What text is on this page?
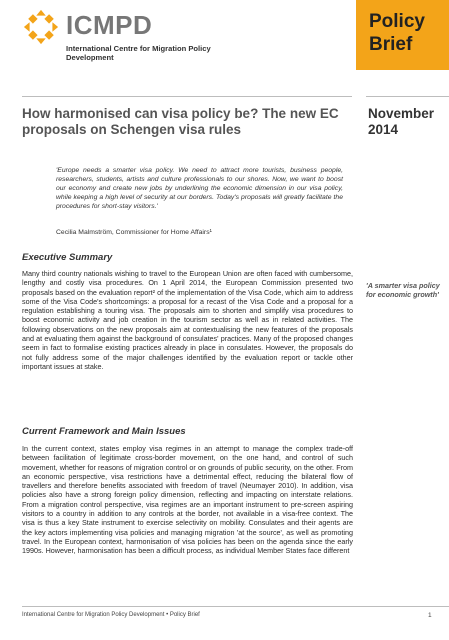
ICMPD
International Centre for Migration Policy Development
Policy Brief
How harmonised can visa policy be? The new EC proposals on Schengen visa rules
November 2014
'Europe needs a smarter visa policy. We need to attract more tourists, business people, researchers, students, artists and culture professionals to our shores. Now, we want to boost our economy and create new jobs by underlining the economic dimension in our visa policy, while keeping a high level of security at our borders. Today's proposals will greatly facilitate the procedures for short-stay visitors.'
Cecilia Malmström, Commissioner for Home Affairs¹
Executive Summary
Many third country nationals wishing to travel to the European Union are often faced with cumbersome, lengthy and costly visa procedures. On 1 April 2014, the European Commission presented two proposals based on the evaluation report² of the implementation of the Visa Code, which aim to address some of the Visa Code's shortcomings: a proposal for a recast of the Visa Code and a proposal for a regulation establishing a touring visa. The proposals aim to shorten and simplify visa procedures to boost economic activity and job creation in the tourism sector as well as in related activities. The following observations on the new proposals aim at contextualising the new features of the proposals and at evaluating them against the background of consulates' practices. Many of the proposed changes seem in fact to formalise existing practices already in place in consulates. However, the proposals do not fully address some of the major challenges identified by the evaluation report or tackle other important issues at stake.
'A smarter visa policy for economic growth'
Current Framework and Main Issues
In the current context, states employ visa regimes in an attempt to manage the complex trade-off between facilitation of legitimate cross-border movement, on the one hand, and control of such movement, whether for reasons of migration control or on grounds of public security, on the other. From an economic perspective, visa restrictions have a detrimental effect, reducing the bilateral flow of travellers and therefore benefits associated with freedom of travel (Neumayer 2010). In addition, visa policies also have a strong foreign policy dimension, reflecting and impacting on interstate relations. From a migration control perspective, visa regimes are an important instrument to pre-screen aspiring visitors to a country in addition to any controls at the border, not available in a visa-free context. The visa is thus a key State instrument to exercise selectivity on mobility. Consulates and their agents are the key actors implementing visa policies and managing migration 'at the source', as well as promoting travel. In the European context, harmonisation of visa policies has been on the agenda since the early 1990s. However, harmonisation has been a difficult process, as individual Member States face different
International Centre for Migration Policy Development • Policy Brief	1
